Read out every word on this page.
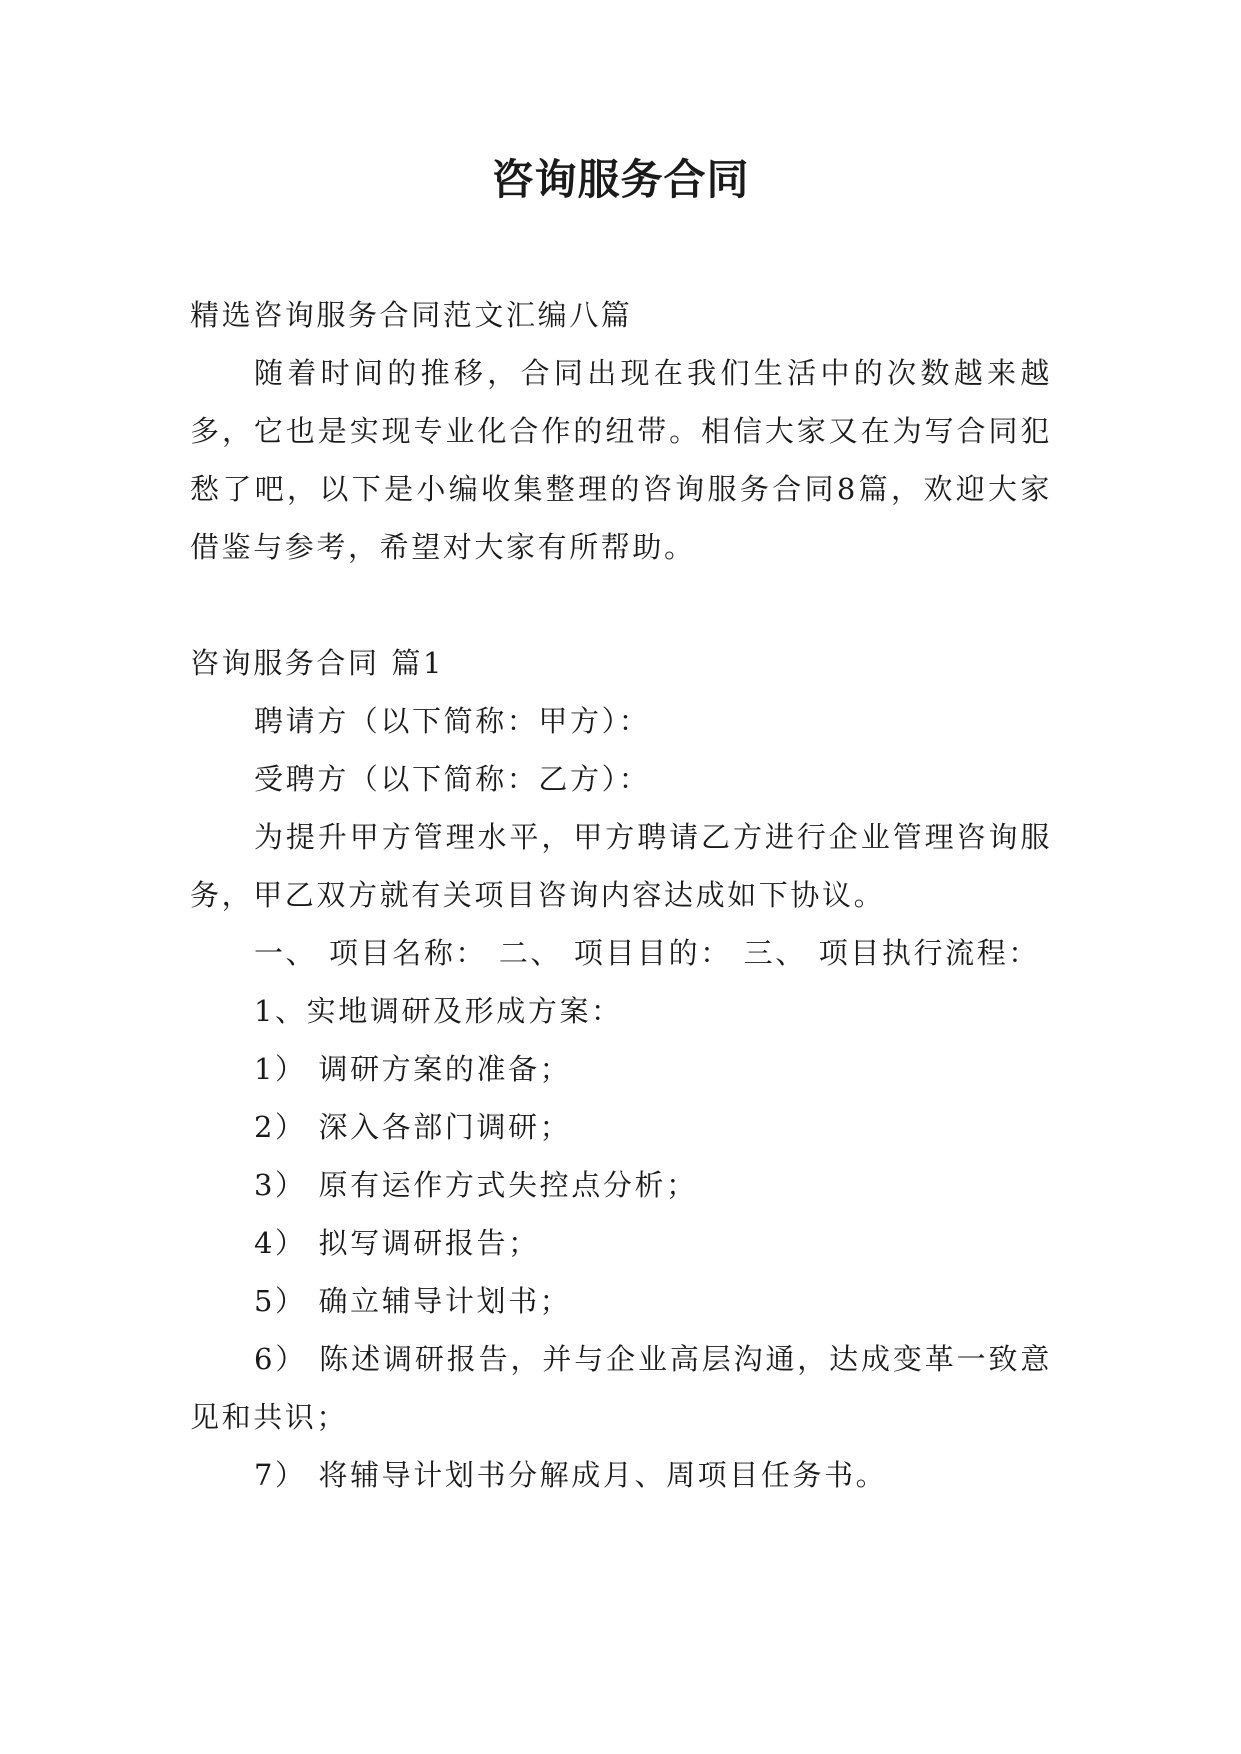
咨询服务合同

精选咨询服务合同范文汇编八篇

随着时间的推移，合同出现在我们生活中的次数越来越多，它也是实现专业化合作的纽带。相信大家又在为写合同犯愁了吧，以下是小编收集整理的咨询服务合同8篇，欢迎大家借鉴与参考，希望对大家有所帮助。

咨询服务合同 篇1

聘请方（以下简称：甲方）：

受聘方（以下简称：乙方）：

为提升甲方管理水平，甲方聘请乙方进行企业管理咨询服务，甲乙双方就有关项目咨询内容达成如下协议。

一、 项目名称： 二、 项目目的： 三、 项目执行流程：

1、实地调研及形成方案：

1） 调研方案的准备；

2） 深入各部门调研；

3） 原有运作方式失控点分析；

4） 拟写调研报告；

5） 确立辅导计划书；

6） 陈述调研报告，并与企业高层沟通，达成变革一致意见和共识；

7） 将辅导计划书分解成月、周项目任务书。
